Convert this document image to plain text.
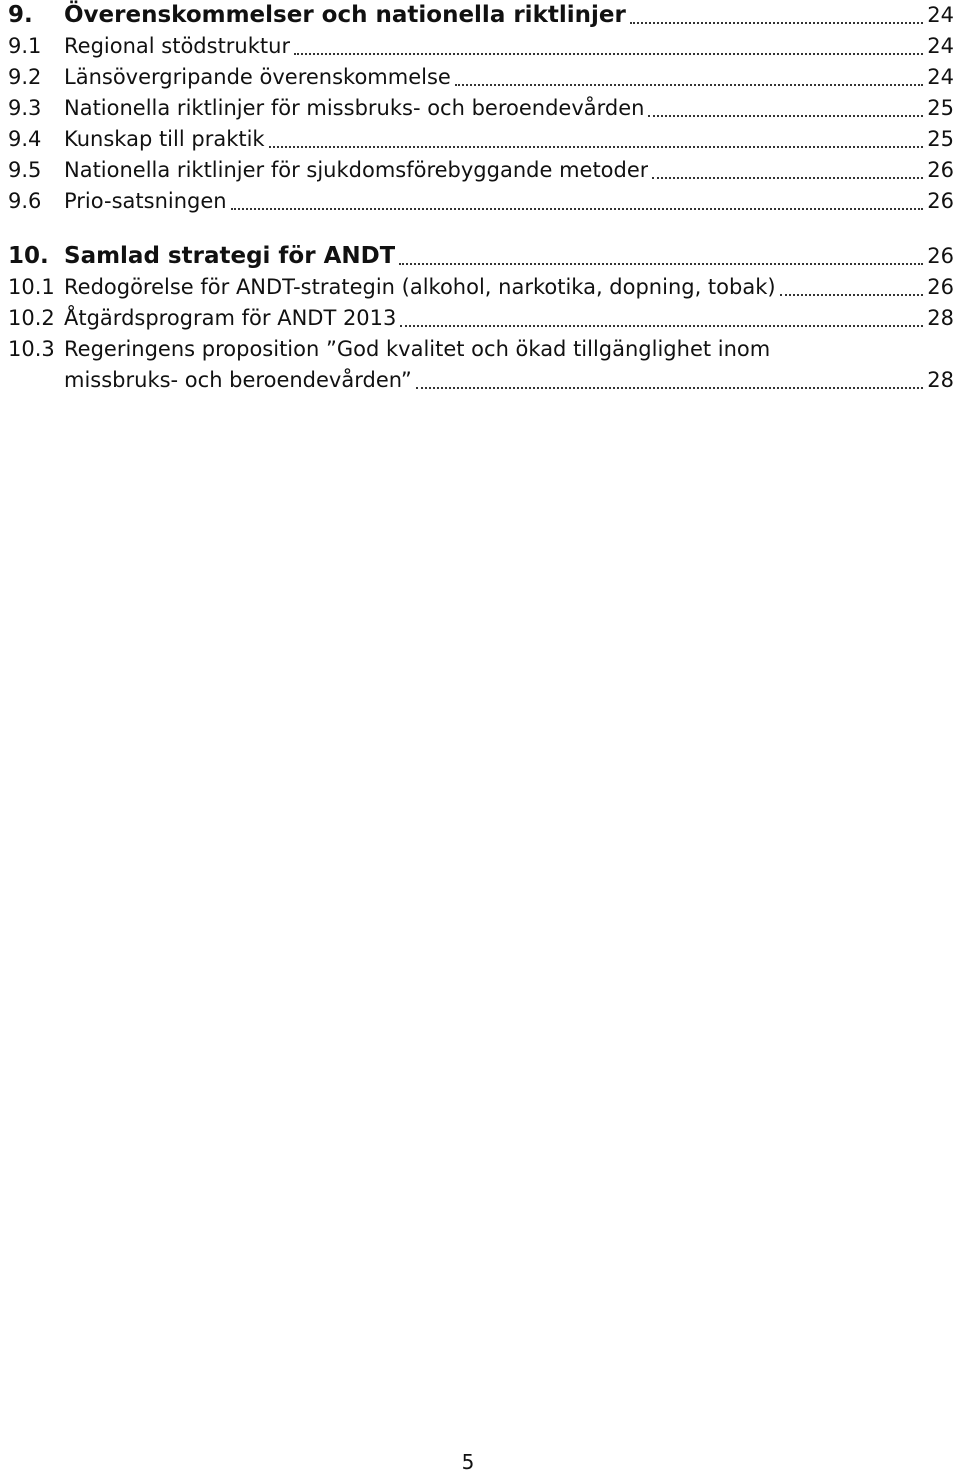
9.	Överenskommelser och nationella riktlinjer	24
9.1	Regional stödstruktur	24
9.2	Länsövergripande överenskommelse	24
9.3	Nationella riktlinjer för missbruks- och beroendevården	25
9.4	Kunskap till praktik	25
9.5	Nationella riktlinjer för sjukdomsförebyggande metoder	26
9.6	Prio-satsningen	26
10. Samlad strategi för ANDT	26
10.1 Redogörelse för ANDT-strategin (alkohol, narkotika, dopning, tobak)	26
10.2 Åtgärdsprogram för ANDT 2013	28
10.3 Regeringens proposition ”God kvalitet och ökad tillgänglighet inom
missbruks- och beroendevården”	28
5
